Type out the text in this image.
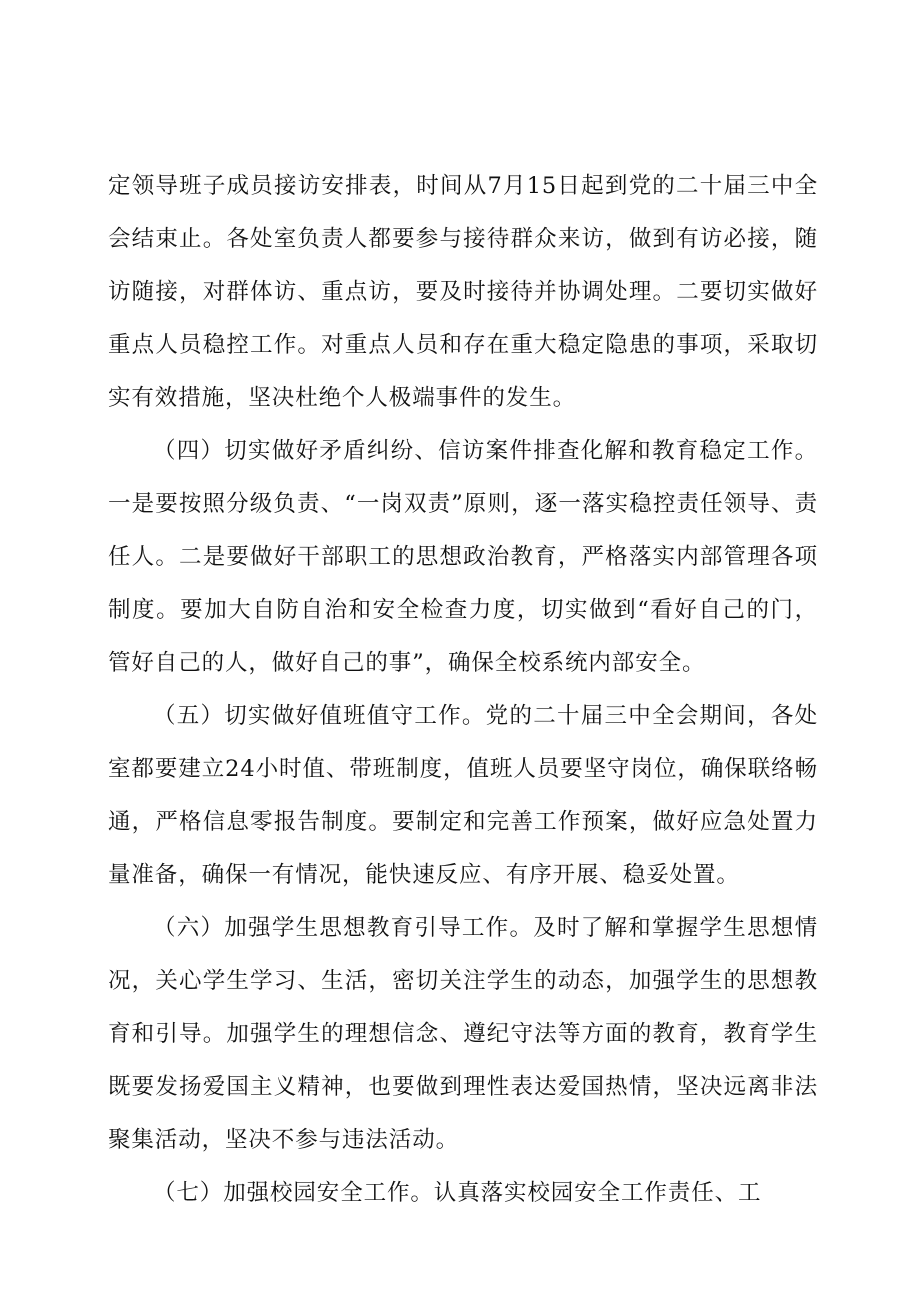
定领导班子成员接访安排表，时间从7月15日起到党的二十届三中全会结束止。各处室负责人都要参与接待群众来访，做到有访必接，随访随接，对群体访、重点访，要及时接待并协调处理。二要切实做好重点人员稳控工作。对重点人员和存在重大稳定隐患的事项，采取切实有效措施，坚决杜绝个人极端事件的发生。

（四）切实做好矛盾纠纷、信访案件排查化解和教育稳定工作。一是要按照分级负责、“一岗双责”原则，逐一落实稳控责任领导、责任人。二是要做好干部职工的思想政治教育，严格落实内部管理各项制度。要加大自防自治和安全检查力度，切实做到“看好自己的门，管好自己的人，做好自己的事”，确保全校系统内部安全。

（五）切实做好值班值守工作。党的二十届三中全会期间，各处室都要建立24小时值、带班制度，值班人员要坚守岗位，确保联络畅通，严格信息零报告制度。要制定和完善工作预案，做好应急处置力量准备，确保一有情况，能快速反应、有序开展、稳妥处置。

（六）加强学生思想教育引导工作。及时了解和掌握学生思想情况，关心学生学习、生活，密切关注学生的动态，加强学生的思想教育和引导。加强学生的理想信念、遵纪守法等方面的教育，教育学生既要发扬爱国主义精神，也要做到理性表达爱国热情，坚决远离非法聚集活动，坚决不参与违法活动。

（七）加强校园安全工作。认真落实校园安全工作责任、工
